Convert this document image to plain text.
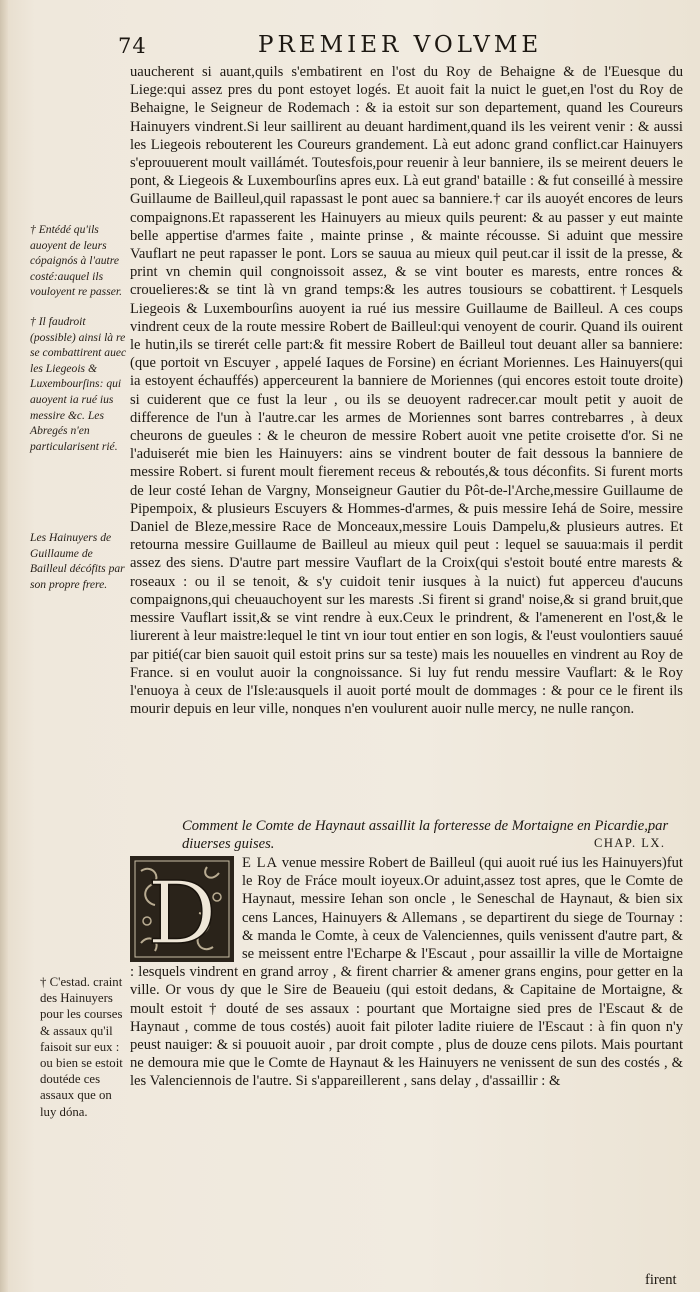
74	PREMIER VOLVME

uaucherent si auant,quils s'embatirent en l'ost du Roy de Behaigne & de l'Euesque du Liege:qui assez pres du pont estoyet logés. Et auoit fait la nuict le guet,en l'ost du Roy de Behaigne, le Seigneur de Rodemach : & ia estoit sur son departement, quand les Coureurs Hainuyers vindrent.Si leur saillirent au deuant hardiment,quand ils les veirent venir : & aussi les Liegeois rebouterent les Coureurs grandement. Là eut adonc grand conflict.car Hainuyers s'eprouuerent moult vaillámét. Toutesfois,pour reuenir à leur banniere, ils se meirent deuers le pont, & Liegeois & Luxembourſins apres eux. Là eut grand' bataille : & fut conseillé à messire Guillaume de Bailleul,quil rapassast le pont auec sa banniere.† car ils auoyét encores de leurs compaignons.Et rapasserent les Hainuyers au mieux quils peurent: & au passer y eut mainte belle appertise d'armes faite , mainte prinse , & mainte récousse. Si aduint que messire Vauflart ne peut rapasser le pont. Lors se sauua au mieux quil peut.car il issit de la presse, & print vn chemin quil congnoissoit assez, & se vint bouter es marests, entre ronces & crouelieres:& se tint là vn grand temps:& les autres tousiours se cobattirent.†Lesquels Liegeois & Luxembourſins auoyent ia rué ius messire Guillaume de Bailleul. A ces coups vindrent ceux de la route messire Robert de Bailleul:qui venoyent de courir. Quand ils ouirent le hutin,ils se tirerét celle part:& fit messire Robert de Bailleul tout deuant aller sa banniere: (que portoit vn Escuyer , appelé Iaques de Forsine) en écriant Moriennes. Les Hainuyers(qui ia estoyent échauffés) apperceurent la banniere de Moriennes (qui encores estoit toute droite) si cuiderent que ce fust la leur , ou ils se deuoyent radrecer.car moult petit y auoit de difference de l'un à l'autre.car les armes de Moriennes sont barres contrebarres , à deux cheurons de gueules : & le cheuron de messire Robert auoit vne petite croisette d'or. Si ne l'aduiserét mie bien les Hainuyers: ains se vindrent bouter de fait dessous la banniere de messire Robert. si furent moult fierement receus & reboutés,& tous déconfits. Si furent morts de leur costé Iehan de Vargny, Monseigneur Gautier du Pôt-de-l'Arche,messire Guillaume de Pipempoix, & plusieurs Escuyers & Hommes-d'armes, & puis messire Iehá de Soire, messire Daniel de Bleze,messire Race de Monceaux,messire Louis Dampelu,& plusieurs autres. Et retourna messire Guillaume de Bailleul au mieux quil peut : lequel se sauua:mais il perdit assez des siens. D'autre part messire Vauflart de la Croix(qui s'estoit bouté entre marests & roseaux : ou il se tenoit, & s'y cuidoit tenir iusques à la nuict) fut apperceu d'aucuns compaignons,qui cheuauchoyent sur les marests .Si firent si grand' noise,& si grand bruit,que messire Vauflart issit,& se vint rendre à eux.Ceux le prindrent, & l'amenerent en l'ost,& le liurerent à leur maistre:lequel le tint vn iour tout entier en son logis, & l'eust voulontiers sauué par pitié(car bien sauoit quil estoit prins sur sa teste) mais les nouuelles en vindrent au Roy de France. si en voulut auoir la congnoissance. Si luy fut rendu messire Vauflart: & le Roy l'enuoya à ceux de l'Isle:ausquels il auoit porté moult de dommages : & pour ce le firent ils mourir depuis en leur ville, nonques n'en voulurent auoir nulle mercy, ne nulle rançon.

† Entédé qu'ils auoyent de leurs cópaignós à l'autre costé:auquel ils vouloyent re passer.
† Il faudroit (possible) ainsi là re se combattirent auec les Liegeois & Luxembourſins: qui auoyent ia rué ius messire &c. Les Abregés n'en particularisent rié.
Les Hainuyers de Guillaume de Bailleul décófits par son propre frere.
† C'estad. craint des Hainuyers pour les courses & assaux qu'il faisoit sur eux : ou bien se estoit doutéde ces assaux que on luy dóna.
Comment le Comte de Haynaut assaillit la forteresse de Mortaigne en Picardie,par diuerses guises.	CHAP. LX.
D
E LA venue messire Robert de Bailleul (qui auoit rué ius les Hainuyers)fut le Roy de Fráce moult ioyeux.Or aduint,assez tost apres, que le Comte de Haynaut, messire Iehan son oncle , le Seneschal de Haynaut, & bien six cens Lances, Hainuyers & Allemans , se departirent du siege de Tournay : & manda le Comte, à ceux de Valenciennes, quils venissent d'autre part, & se meissent entre l'Echarpe & l'Escaut , pour assaillir la ville de Mortaigne : lesquels vindrent en grand arroy , & firent charrier & amener grans engins, pour getter en la ville. Or vous dy que le Sire de Beaueiu (qui estoit dedans, & Capitaine de Mortaigne, & moult estoit † douté de ses assaux : pourtant que Mortaigne sied pres de l'Escaut & de Haynaut , comme de tous costés) auoit fait piloter ladite riuiere de l'Escaut : à fin quon n'y peust nauiger: & si pouuoit auoir , par droit compte , plus de douze cens pilots. Mais pourtant ne demoura mie que le Comte de Haynaut & les Hainuyers ne venissent de sun des costés , & les Valenciennois de l'autre. Si s'appareillerent , sans delay , d'assaillir : &
firent
